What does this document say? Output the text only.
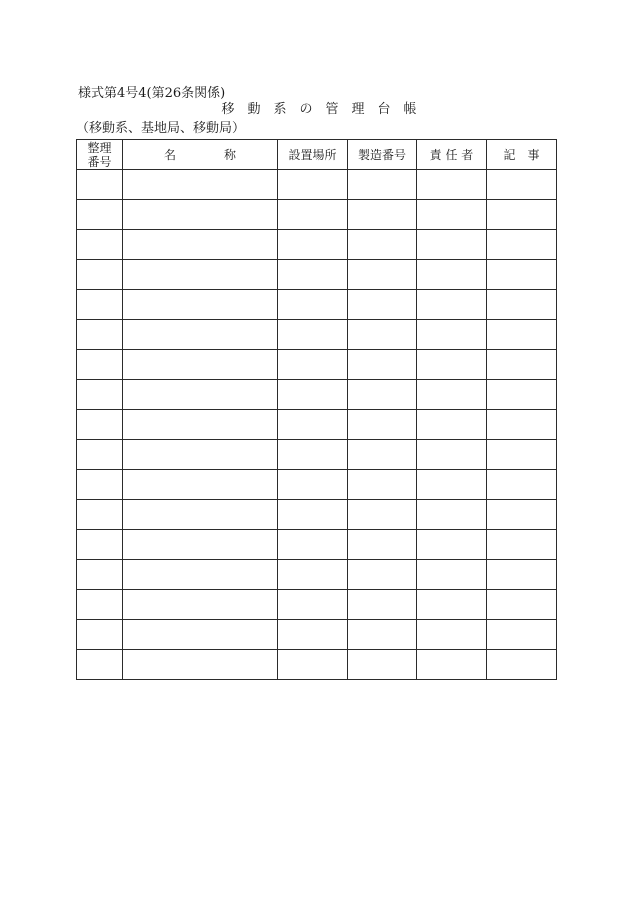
様式第4号4(第26条関係)
移　動　系　の　管　理　台　帳
（移動系、基地局、移動局）
整理
番号	名　　　　称	設置場所	製造番号	責 任 者	記　事
